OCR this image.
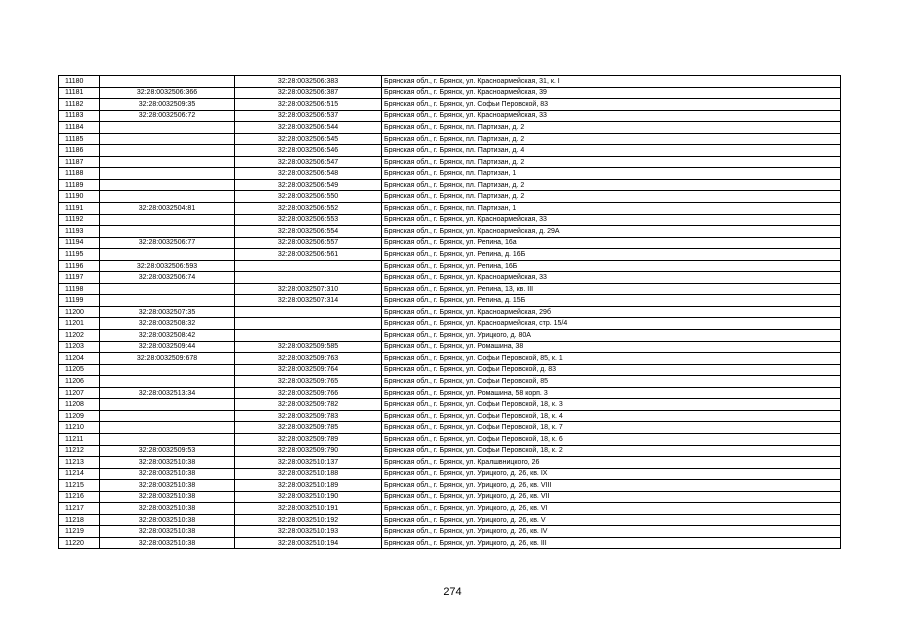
11180		32:28:0032506:383	Брянская обл., г. Брянск, ул. Красноармейская, 31, к. I
11181	32:28:0032506:366	32:28:0032506:387	Брянская обл., г. Брянск, ул. Красноармейская, 39
11182	32:28:0032509:35	32:28:0032506:515	Брянская обл., г. Брянск, ул. Софьи Перовской, 83
11183	32:28:0032506:72	32:28:0032506:537	Брянская обл., г. Брянск, ул. Красноармейская, 33
11184		32:28:0032506:544	Брянская обл., г. Брянск, пл. Партизан, д. 2
11185		32:28:0032506:545	Брянская обл., г. Брянск, пл. Партизан, д. 2
11186		32:28:0032506:546	Брянская обл., г. Брянск, пл. Партизан, д. 4
11187		32:28:0032506:547	Брянская обл., г. Брянск, пл. Партизан, д. 2
11188		32:28:0032506:548	Брянская обл., г. Брянск, пл. Партизан, 1
11189		32:28:0032506:549	Брянская обл., г. Брянск, пл. Партизан, д. 2
11190		32:28:0032506:550	Брянская обл., г. Брянск, пл. Партизан, д. 2
11191	32:28:0032504:81	32:28:0032506:552	Брянская обл., г. Брянск, пл. Партизан, 1
11192		32:28:0032506:553	Брянская обл., г. Брянск, ул. Красноармейская, 33
11193		32:28:0032506:554	Брянская обл., г. Брянск, ул. Красноармейская, д. 29А
11194	32:28:0032506:77	32:28:0032506:557	Брянская обл., г. Брянск, ул. Репина, 16а
11195		32:28:0032506:561	Брянская обл., г. Брянск, ул. Репина, д. 16Б
11196	32:28:0032506:593		Брянская обл., г. Брянск, ул. Репина, 16Б
11197	32:28:0032506:74		Брянская обл., г. Брянск, ул. Красноармейская, 33
11198		32:28:0032507:310	Брянская обл., г. Брянск, ул. Репина, 13, кв. III
11199		32:28:0032507:314	Брянская обл., г. Брянск, ул. Репина, д. 15Б
11200	32:28:0032507:35		Брянская обл., г. Брянск, ул. Красноармейская, 29б
11201	32:28:0032508:32		Брянская обл., г. Брянск, ул. Красноармейская, стр. 15/4
11202	32:28:0032508:42		Брянская обл., г. Брянск, ул. Урицкого, д. 80А
11203	32:28:0032509:44	32:28:0032509:585	Брянская обл., г. Брянск, ул. Ромашина, 38
11204	32:28:0032509:678	32:28:0032509:763	Брянская обл., г. Брянск, ул. Софьи Перовской, 85, к. 1
11205		32:28:0032509:764	Брянская обл., г. Брянск, ул. Софьи Перовской, д. 83
11206		32:28:0032509:765	Брянская обл., г. Брянск, ул. Софьи Перовской, 85
11207	32:28:0032513:34	32:28:0032509:766	Брянская обл., г. Брянск, ул. Ромашина, 58 корп. 3
11208		32:28:0032509:782	Брянская обл., г. Брянск, ул. Софьи Перовской, 18, к. 3
11209		32:28:0032509:783	Брянская обл., г. Брянск, ул. Софьи Перовской, 18, к. 4
11210		32:28:0032509:785	Брянская обл., г. Брянск, ул. Софьи Перовской, 18, к. 7
11211		32:28:0032509:789	Брянская обл., г. Брянск, ул. Софьи Перовской, 18, к. 6
11212	32:28:0032509:53	32:28:0032509:790	Брянская обл., г. Брянск, ул. Софьи Перовской, 18, к. 2
11213	32:28:0032510:38	32:28:0032510:137	Брянская обл., г. Брянск, ул. Кралшвницкого, 26
11214	32:28:0032510:38	32:28:0032510:188	Брянская обл., г. Брянск, ул. Урицкого, д. 26, кв. IX
11215	32:28:0032510:38	32:28:0032510:189	Брянская обл., г. Брянск, ул. Урицкого, д. 26, кв. VIII
11216	32:28:0032510:38	32:28:0032510:190	Брянская обл., г. Брянск, ул. Урицкого, д. 26, кв. VII
11217	32:28:0032510:38	32:28:0032510:191	Брянская обл., г. Брянск, ул. Урицкого, д. 26, кв. VI
11218	32:28:0032510:38	32:28:0032510:192	Брянская обл., г. Брянск, ул. Урицкого, д. 26, кв. V
11219	32:28:0032510:38	32:28:0032510:193	Брянская обл., г. Брянск, ул. Урицкого, д. 26, кв. IV
11220	32:28:0032510:38	32:28:0032510:194	Брянская обл., г. Брянск, ул. Урицкого, д. 26, кв. III
274
